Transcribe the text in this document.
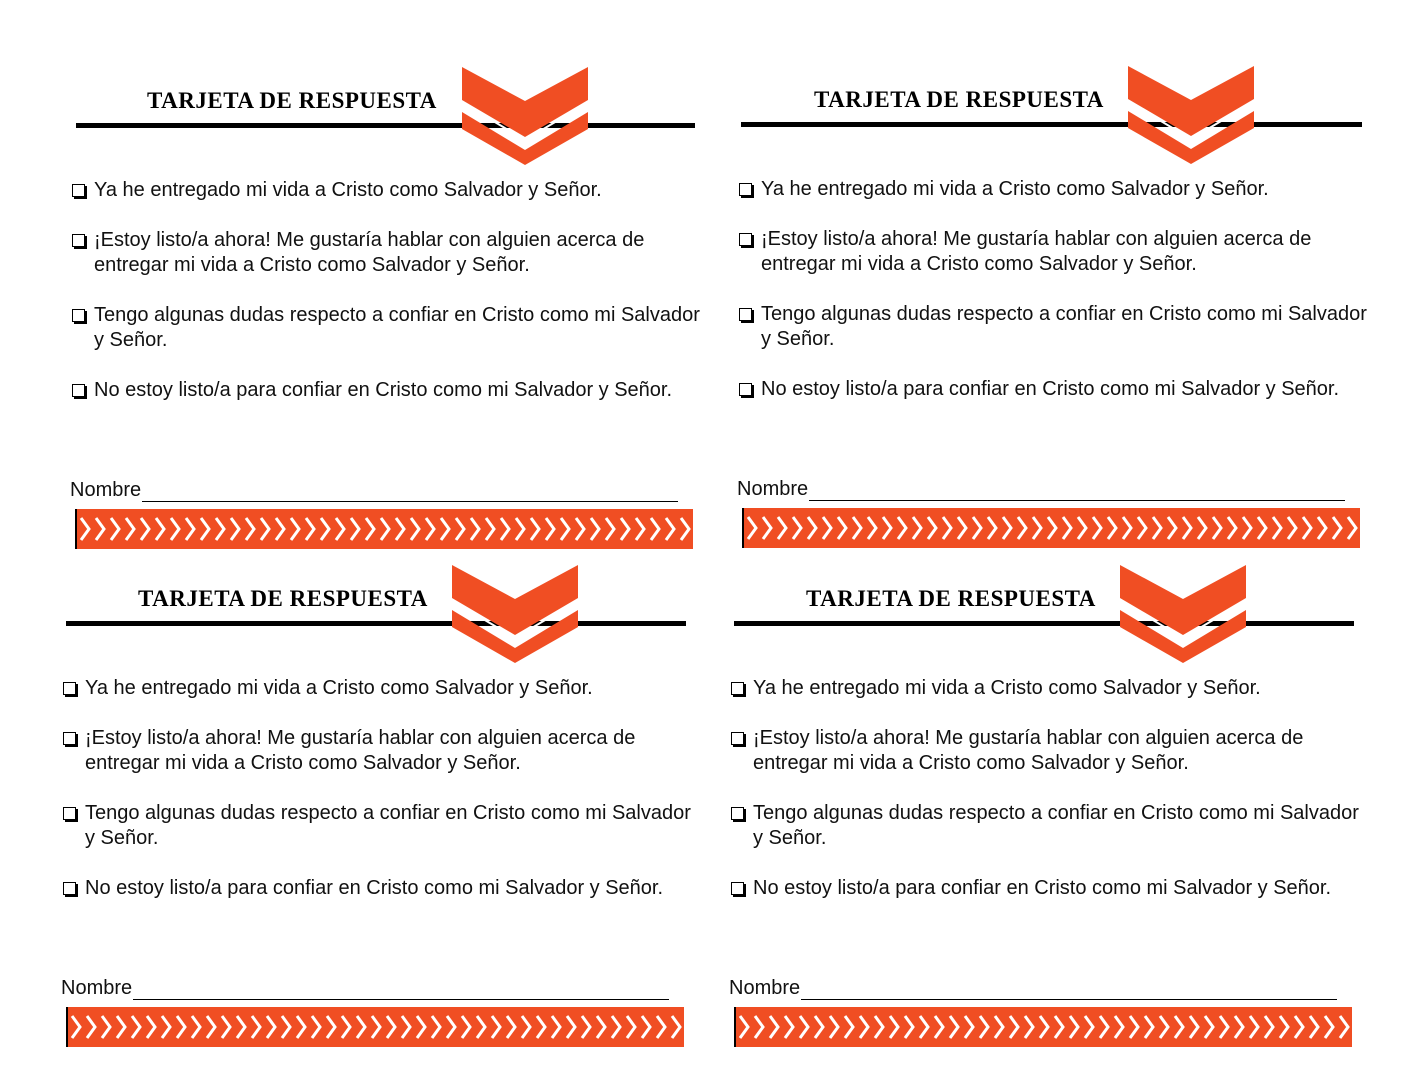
TARJETA DE RESPUESTA
Ya he entregado mi vida a Cristo como Salvador y Señor.
¡Estoy listo/a ahora! Me gustaría hablar con alguien acerca de entregar mi vida a Cristo como Salvador y Señor.
Tengo algunas dudas respecto a confiar en Cristo como mi Salvador y Señor.
No estoy listo/a para confiar en Cristo como mi Salvador y Señor.
Nombre
TARJETA DE RESPUESTA
Ya he entregado mi vida a Cristo como Salvador y Señor.
¡Estoy listo/a ahora! Me gustaría hablar con alguien acerca de entregar mi vida a Cristo como Salvador y Señor.
Tengo algunas dudas respecto a confiar en Cristo como mi Salvador y Señor.
No estoy listo/a para confiar en Cristo como mi Salvador y Señor.
Nombre
TARJETA DE RESPUESTA
Ya he entregado mi vida a Cristo como Salvador y Señor.
¡Estoy listo/a ahora! Me gustaría hablar con alguien acerca de entregar mi vida a Cristo como Salvador y Señor.
Tengo algunas dudas respecto a confiar en Cristo como mi Salvador y Señor.
No estoy listo/a para confiar en Cristo como mi Salvador y Señor.
Nombre
TARJETA DE RESPUESTA
Ya he entregado mi vida a Cristo como Salvador y Señor.
¡Estoy listo/a ahora! Me gustaría hablar con alguien acerca de entregar mi vida a Cristo como Salvador y Señor.
Tengo algunas dudas respecto a confiar en Cristo como mi Salvador y Señor.
No estoy listo/a para confiar en Cristo como mi Salvador y Señor.
Nombre
